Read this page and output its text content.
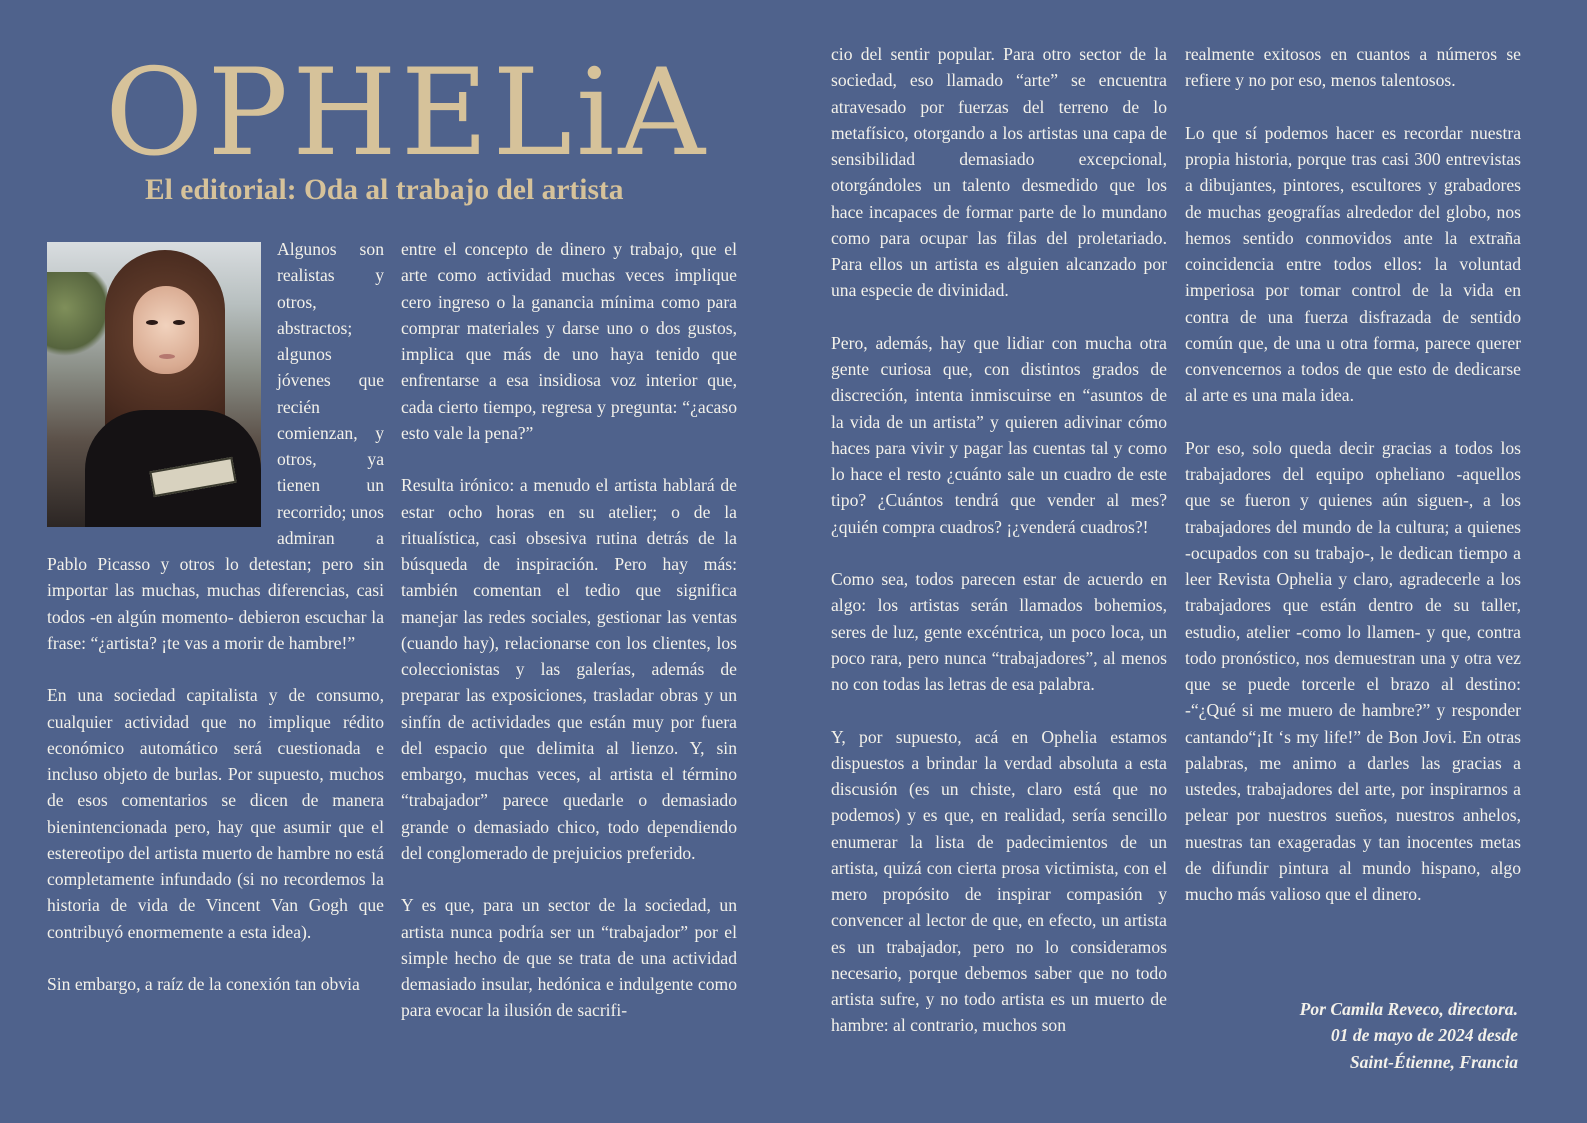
OPHELiA
El editorial: Oda al trabajo del artista

Algunos son realistas y otros, abstractos; algunos jóvenes que recién comienzan, y otros, ya tienen un recorrido; unos admiran a Pablo Picasso y otros lo detestan; pero sin importar las muchas, muchas diferencias, casi todos -en algún momento- debieron escuchar la frase: “¿artista? ¡te vas a morir de hambre!”

En una sociedad capitalista y de consumo, cualquier actividad que no implique rédito económico automático será cuestionada e incluso objeto de burlas. Por supuesto, muchos de esos comentarios se dicen de manera bienintencionada pero, hay que asumir que el estereotipo del artista muerto de hambre no está completamente infundado (si no recordemos la historia de vida de Vincent Van Gogh que contribuyó enormemente a esta idea).

Sin embargo, a raíz de la conexión tan obvia

entre el concepto de dinero y trabajo, que el arte como actividad muchas veces implique cero ingreso o la ganancia mínima como para comprar materiales y darse uno o dos gustos, implica que más de uno haya tenido que enfrentarse a esa insidiosa voz interior que, cada cierto tiempo, regresa y pregunta: “¿acaso esto vale la pena?”

Resulta irónico: a menudo el artista hablará de estar ocho horas en su atelier; o de la ritualística, casi obsesiva rutina detrás de la búsqueda de inspiración. Pero hay más: también comentan el tedio que significa manejar las redes sociales, gestionar las ventas (cuando hay), relacionarse con los clientes, los coleccionistas y las galerías, además de preparar las exposiciones, trasladar obras y un sinfín de actividades que están muy por fuera del espacio que delimita al lienzo. Y, sin embargo, muchas veces, al artista el término “trabajador” parece quedarle o demasiado grande o demasiado chico, todo dependiendo del conglomerado de prejuicios preferido.

Y es que, para un sector de la sociedad, un artista nunca podría ser un “trabajador” por el simple hecho de que se trata de una actividad demasiado insular, hedónica e indulgente como para evocar la ilusión de sacrifi-

cio del sentir popular. Para otro sector de la sociedad, eso llamado “arte” se encuentra atravesado por fuerzas del terreno de lo metafísico, otorgando a los artistas una capa de sensibilidad demasiado excepcional, otorgándoles un talento desmedido que los hace incapaces de formar parte de lo mundano como para ocupar las filas del proletariado. Para ellos un artista es alguien alcanzado por una especie de divinidad.

Pero, además, hay que lidiar con mucha otra gente curiosa que, con distintos grados de discreción, intenta inmiscuirse en “asuntos de la vida de un artista” y quieren adivinar cómo haces para vivir y pagar las cuentas tal y como lo hace el resto ¿cuánto sale un cuadro de este tipo? ¿Cuántos tendrá que vender al mes? ¿quién compra cuadros? ¡¿venderá cuadros?!

Como sea, todos parecen estar de acuerdo en algo: los artistas serán llamados bohemios, seres de luz, gente excéntrica, un poco loca, un poco rara, pero nunca “trabajadores”, al menos no con todas las letras de esa palabra.

Y, por supuesto, acá en Ophelia estamos dispuestos a brindar la verdad absoluta a esta discusión (es un chiste, claro está que no podemos) y es que, en realidad, sería sencillo enumerar la lista de padecimientos de un artista, quizá con cierta prosa victimista, con el mero propósito de inspirar compasión y convencer al lector de que, en efecto, un artista es un trabajador, pero no lo consideramos necesario, porque debemos saber que no todo artista sufre, y no todo artista es un muerto de hambre: al contrario, muchos son

realmente exitosos en cuantos a números se refiere y no por eso, menos talentosos.

Lo que sí podemos hacer es recordar nuestra propia historia, porque tras casi 300 entrevistas a dibujantes, pintores, escultores y grabadores de muchas geografías alrededor del globo, nos hemos sentido conmovidos ante la extraña coincidencia entre todos ellos: la voluntad imperiosa por tomar control de la vida en contra de una fuerza disfrazada de sentido común que, de una u otra forma, parece querer convencernos a todos de que esto de dedicarse al arte es una mala idea.

Por eso, solo queda decir gracias a todos los trabajadores del equipo opheliano -aquellos que se fueron y quienes aún siguen-, a los trabajadores del mundo de la cultura; a quienes -ocupados con su trabajo-, le dedican tiempo a leer Revista Ophelia y claro, agradecerle a los trabajadores que están dentro de su taller, estudio, atelier -como lo llamen- y que, contra todo pronóstico, nos demuestran una y otra vez que se puede torcerle el brazo al destino: -“¿Qué si me muero de hambre?” y responder cantando“¡It ‘s my life!” de Bon Jovi. En otras palabras, me animo a darles las gracias a ustedes, trabajadores del arte, por inspirarnos a pelear por nuestros sueños, nuestros anhelos, nuestras tan exageradas y tan inocentes metas de difundir pintura al mundo hispano, algo mucho más valioso que el dinero.

Por Camila Reveco, directora.
01 de mayo de 2024 desde
Saint-Étienne, Francia
